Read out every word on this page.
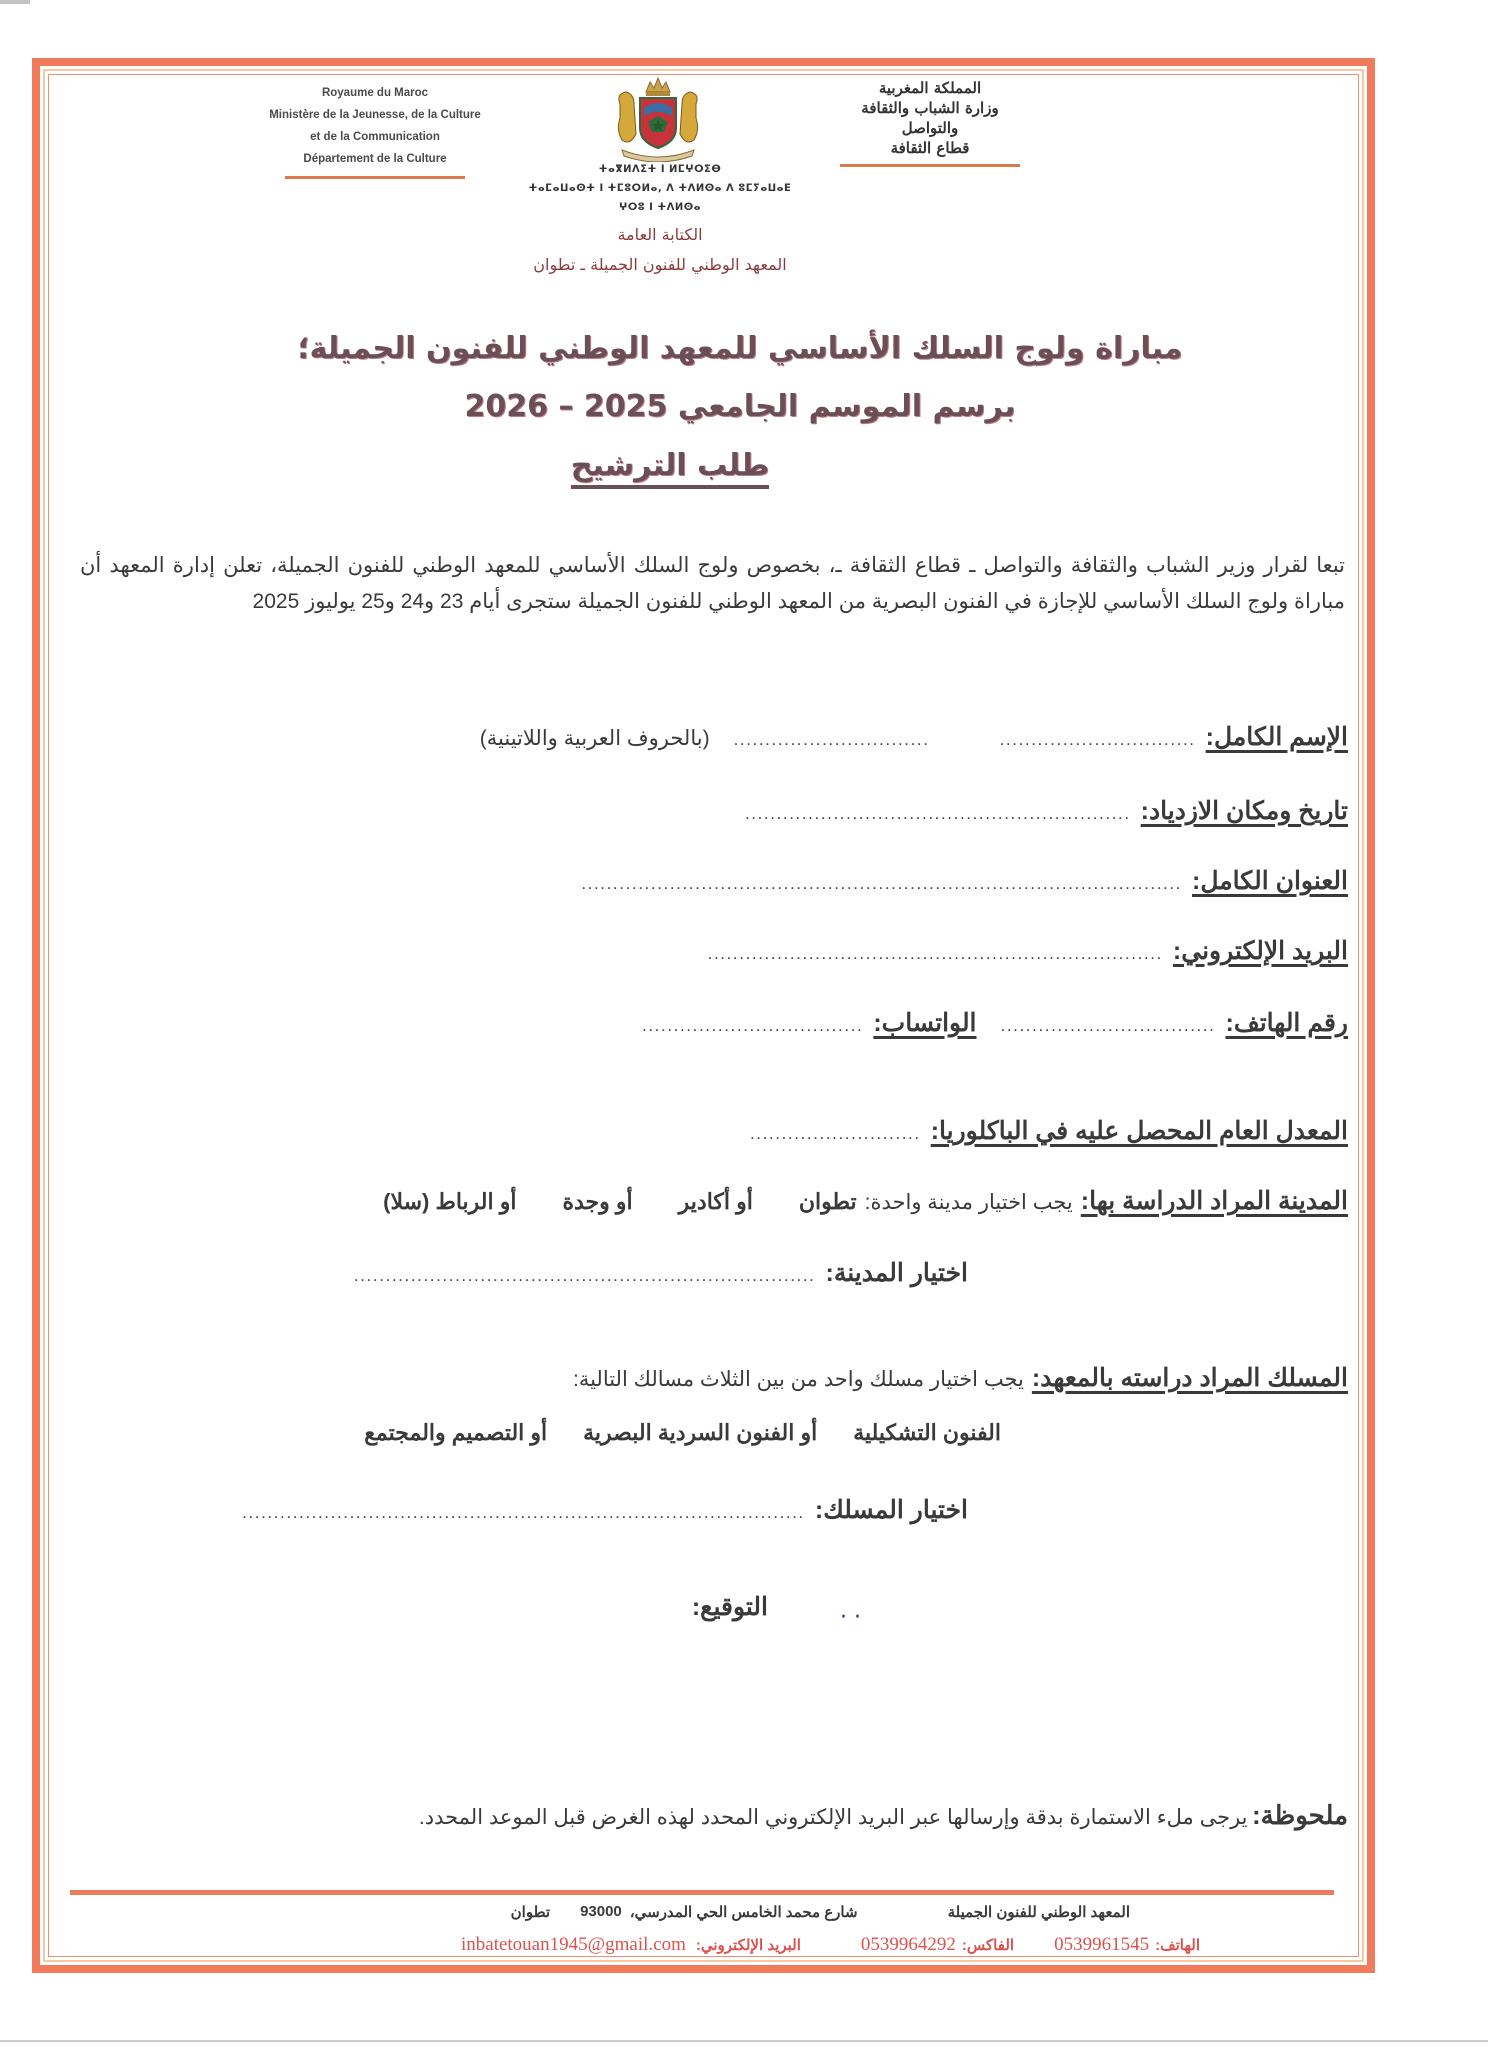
Royaume du Maroc
Ministère de la Jeunesse, de la Culture
et de la Communication
Département de la Culture
ⵜⴰⴳⵍⴷⵉⵜ ⵏ ⵍⵎⵖⵔⵉⴱ
ⵜⴰⵎⴰⵡⴰⵙⵜ ⵏ ⵜⵎⵓⵔⵍⴰ, ⴷ ⵜⴷⵍⵙⴰ ⴷ ⵓⵎⵢⴰⵡⴰⴹ
ⵖⵔⵓ ⵏ ⵜⴷⵍⵙⴰ
الكتابة العامة
المعهد الوطني للفنون الجميلة ـ تطوان
المملكة المغربية
وزارة الشباب والثقافة
والتواصل
قطاع الثقافة
مباراة ولوج السلك الأساسي للمعهد الوطني للفنون الجميلة؛
برسم الموسم الجامعي 2025 – 2026
طلب الترشيح
تبعا لقرار وزير الشباب والثقافة والتواصل ـ قطاع الثقافة ـ، بخصوص ولوج السلك الأساسي للمعهد الوطني للفنون الجميلة، تعلن إدارة المعهد أن مباراة ولوج السلك الأساسي للإجازة في الفنون البصرية من المعهد الوطني للفنون الجميلة ستجرى أيام 23 و24 و25 يوليوز 2025
الإسم الكامل:
...............................
...............................
(بالحروف العربية واللاتينية)
تاريخ ومكان الازدياد:
.............................................................
العنوان الكامل:
...............................................................................................
البريد الإلكتروني:
........................................................................
رقم الهاتف:
..................................
الواتساب:
...................................
المعدل العام المحصل عليه في الباكلوريا:
...........................
المدينة المراد الدراسة بها:
يجب اختيار مدينة واحدة:
تطوان
أو أكادير
أو وجدة
أو الرباط (سلا)
اختيار المدينة:
.........................................................................
المسلك المراد دراسته بالمعهد:
يجب اختيار مسلك واحد من بين الثلاث مسالك التالية:
الفنون التشكيلية
أو الفنون السردية البصرية
أو التصميم والمجتمع
اختيار المسلك:
.........................................................................................
التوقيع:	· ·
ملحوظة: يرجى ملء الاستمارة بدقة وإرسالها عبر البريد الإلكتروني المحدد لهذه الغرض قبل الموعد المحدد.
المعهد الوطني للفنون الجميلة
شارع محمد الخامس الحي المدرسي،
93000
تطوان
الهاتف:
0539961545
الفاكس:
0539964292
البريد الإلكتروني:
inbatetouan1945@gmail.com
